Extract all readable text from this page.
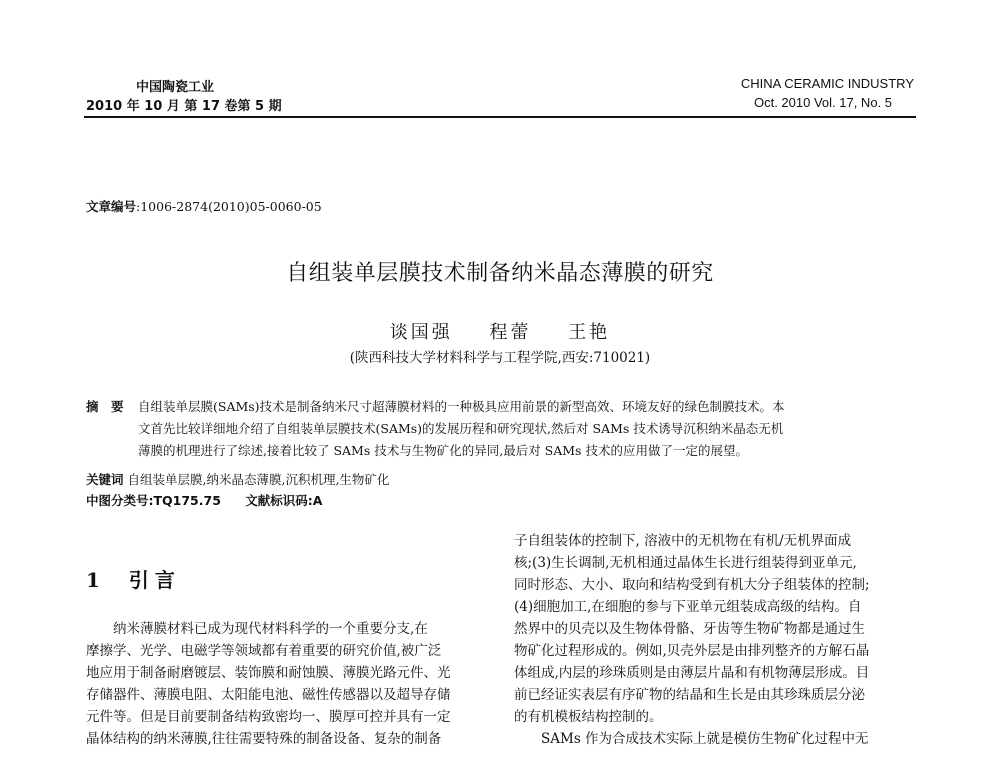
中国陶瓷工业
2010 年 10 月 第 17 卷第 5 期
CHINA CERAMIC INDUSTRY
Oct. 2010 Vol. 17, No. 5
文章编号:1006-2874(2010)05-0060-05
自组装单层膜技术制备纳米晶态薄膜的研究
谈国强 程蕾 王艳
(陕西科技大学材料科学与工程学院,西安:710021)
摘　要	自组装单层膜(SAMs)技术是制备纳米尺寸超薄膜材料的一种极具应用前景的新型高效、环境友好的绿色制膜技术。本
文首先比较详细地介绍了自组装单层膜技术(SAMs)的发展历程和研究现状,然后对 SAMs 技术诱导沉积纳米晶态无机
薄膜的机理进行了综述,接着比较了 SAMs 技术与生物矿化的异同,最后对 SAMs 技术的应用做了一定的展望。
关键词 自组装单层膜,纳米晶态薄膜,沉积机理,生物矿化
中图分类号:TQ175.75 文献标识码:A
1 引言
　　纳米薄膜材料已成为现代材料科学的一个重要分支,在
摩擦学、光学、电磁学等领域都有着重要的研究价值,被广泛
地应用于制备耐磨镀层、装饰膜和耐蚀膜、薄膜光路元件、光
存储器件、薄膜电阻、太阳能电池、磁性传感器以及超导存储
元件等。但是目前要制备结构致密均一、膜厚可控并具有一定
晶体结构的纳米薄膜,往往需要特殊的制备设备、复杂的制备
子自组装体的控制下, 溶液中的无机物在有机/无机界面成
核;(3)生长调制,无机相通过晶体生长进行组装得到亚单元,
同时形态、大小、取向和结构受到有机大分子组装体的控制;
(4)细胞加工,在细胞的参与下亚单元组装成高级的结构。自
然界中的贝壳以及生物体骨骼、牙齿等生物矿物都是通过生
物矿化过程形成的。例如,贝壳外层是由排列整齐的方解石晶
体组成,内层的珍珠质则是由薄层片晶和有机物薄层形成。目
前已经证实表层有序矿物的结晶和生长是由其珍珠质层分泌
的有机模板结构控制的。
　　SAMs 作为合成技术实际上就是模仿生物矿化过程中无
